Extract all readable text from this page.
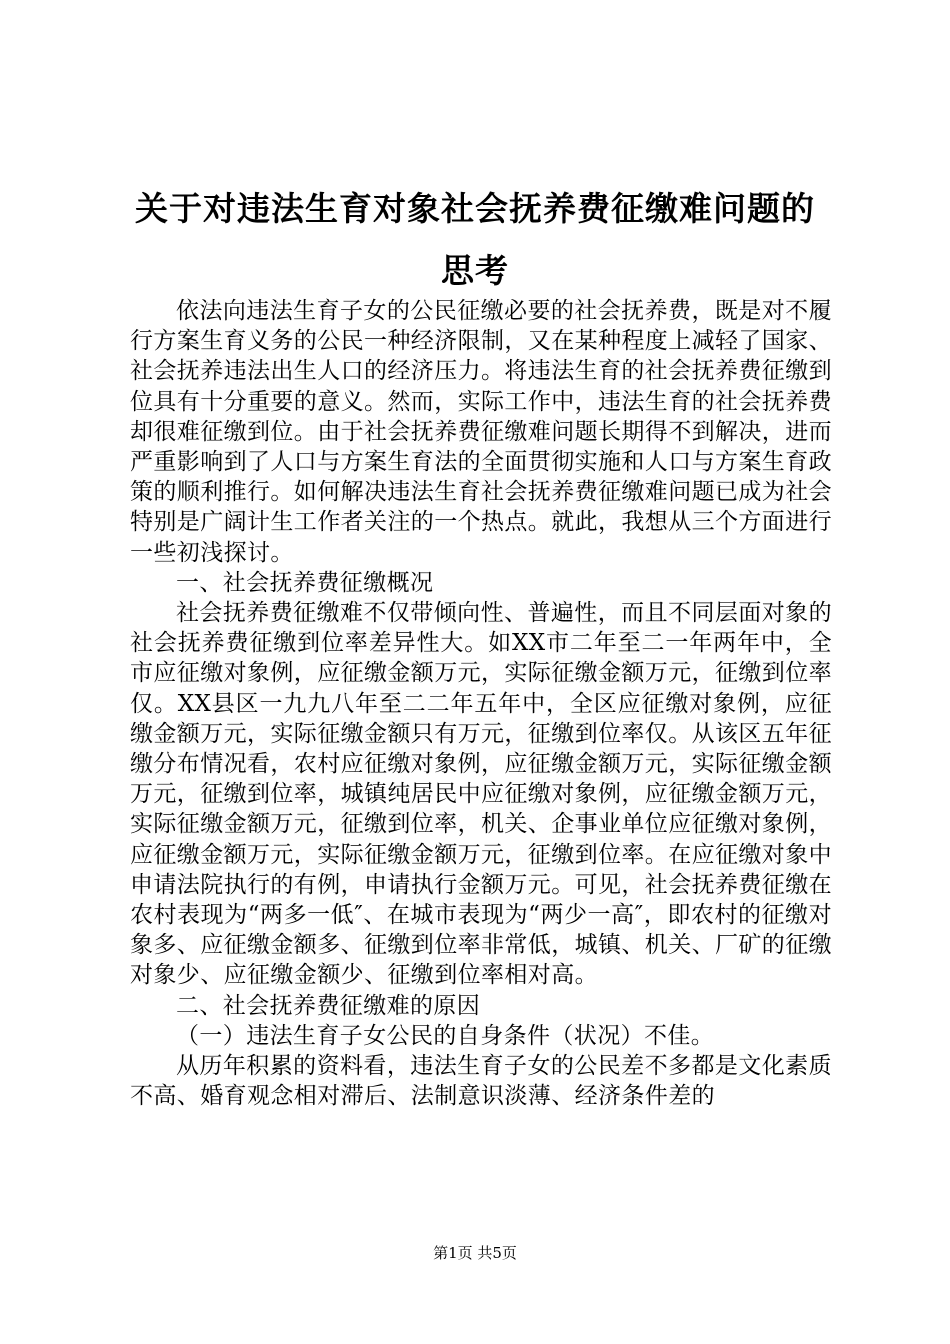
关于对违法生育对象社会抚养费征缴难问题的思考

依法向违法生育子女的公民征缴必要的社会抚养费，既是对不履行方案生育义务的公民一种经济限制，又在某种程度上减轻了国家、社会抚养违法出生人口的经济压力。将违法生育的社会抚养费征缴到位具有十分重要的意义。然而，实际工作中，违法生育的社会抚养费却很难征缴到位。由于社会抚养费征缴难问题长期得不到解决，进而严重影响到了人口与方案生育法的全面贯彻实施和人口与方案生育政策的顺利推行。如何解决违法生育社会抚养费征缴难问题已成为社会特别是广阔计生工作者关注的一个热点。就此，我想从三个方面进行一些初浅探讨。

一、社会抚养费征缴概况

社会抚养费征缴难不仅带倾向性、普遍性，而且不同层面对象的社会抚养费征缴到位率差异性大。如XX市二年至二一年两年中，全市应征缴对象例，应征缴金额万元，实际征缴金额万元，征缴到位率仅。XX县区一九九八年至二二年五年中，全区应征缴对象例，应征缴金额万元，实际征缴金额只有万元，征缴到位率仅。从该区五年征缴分布情况看，农村应征缴对象例，应征缴金额万元，实际征缴金额万元，征缴到位率，城镇纯居民中应征缴对象例，应征缴金额万元，实际征缴金额万元，征缴到位率，机关、企事业单位应征缴对象例，应征缴金额万元，实际征缴金额万元，征缴到位率。在应征缴对象中申请法院执行的有例，申请执行金额万元。可见，社会抚养费征缴在农村表现为“两多一低″、在城市表现为“两少一高″，即农村的征缴对象多、应征缴金额多、征缴到位率非常低，城镇、机关、厂矿的征缴对象少、应征缴金额少、征缴到位率相对高。

二、社会抚养费征缴难的原因

（一）违法生育子女公民的自身条件（状况）不佳。

从历年积累的资料看，违法生育子女的公民差不多都是文化素质不高、婚育观念相对滞后、法制意识淡薄、经济条件差的

第1页 共5页
